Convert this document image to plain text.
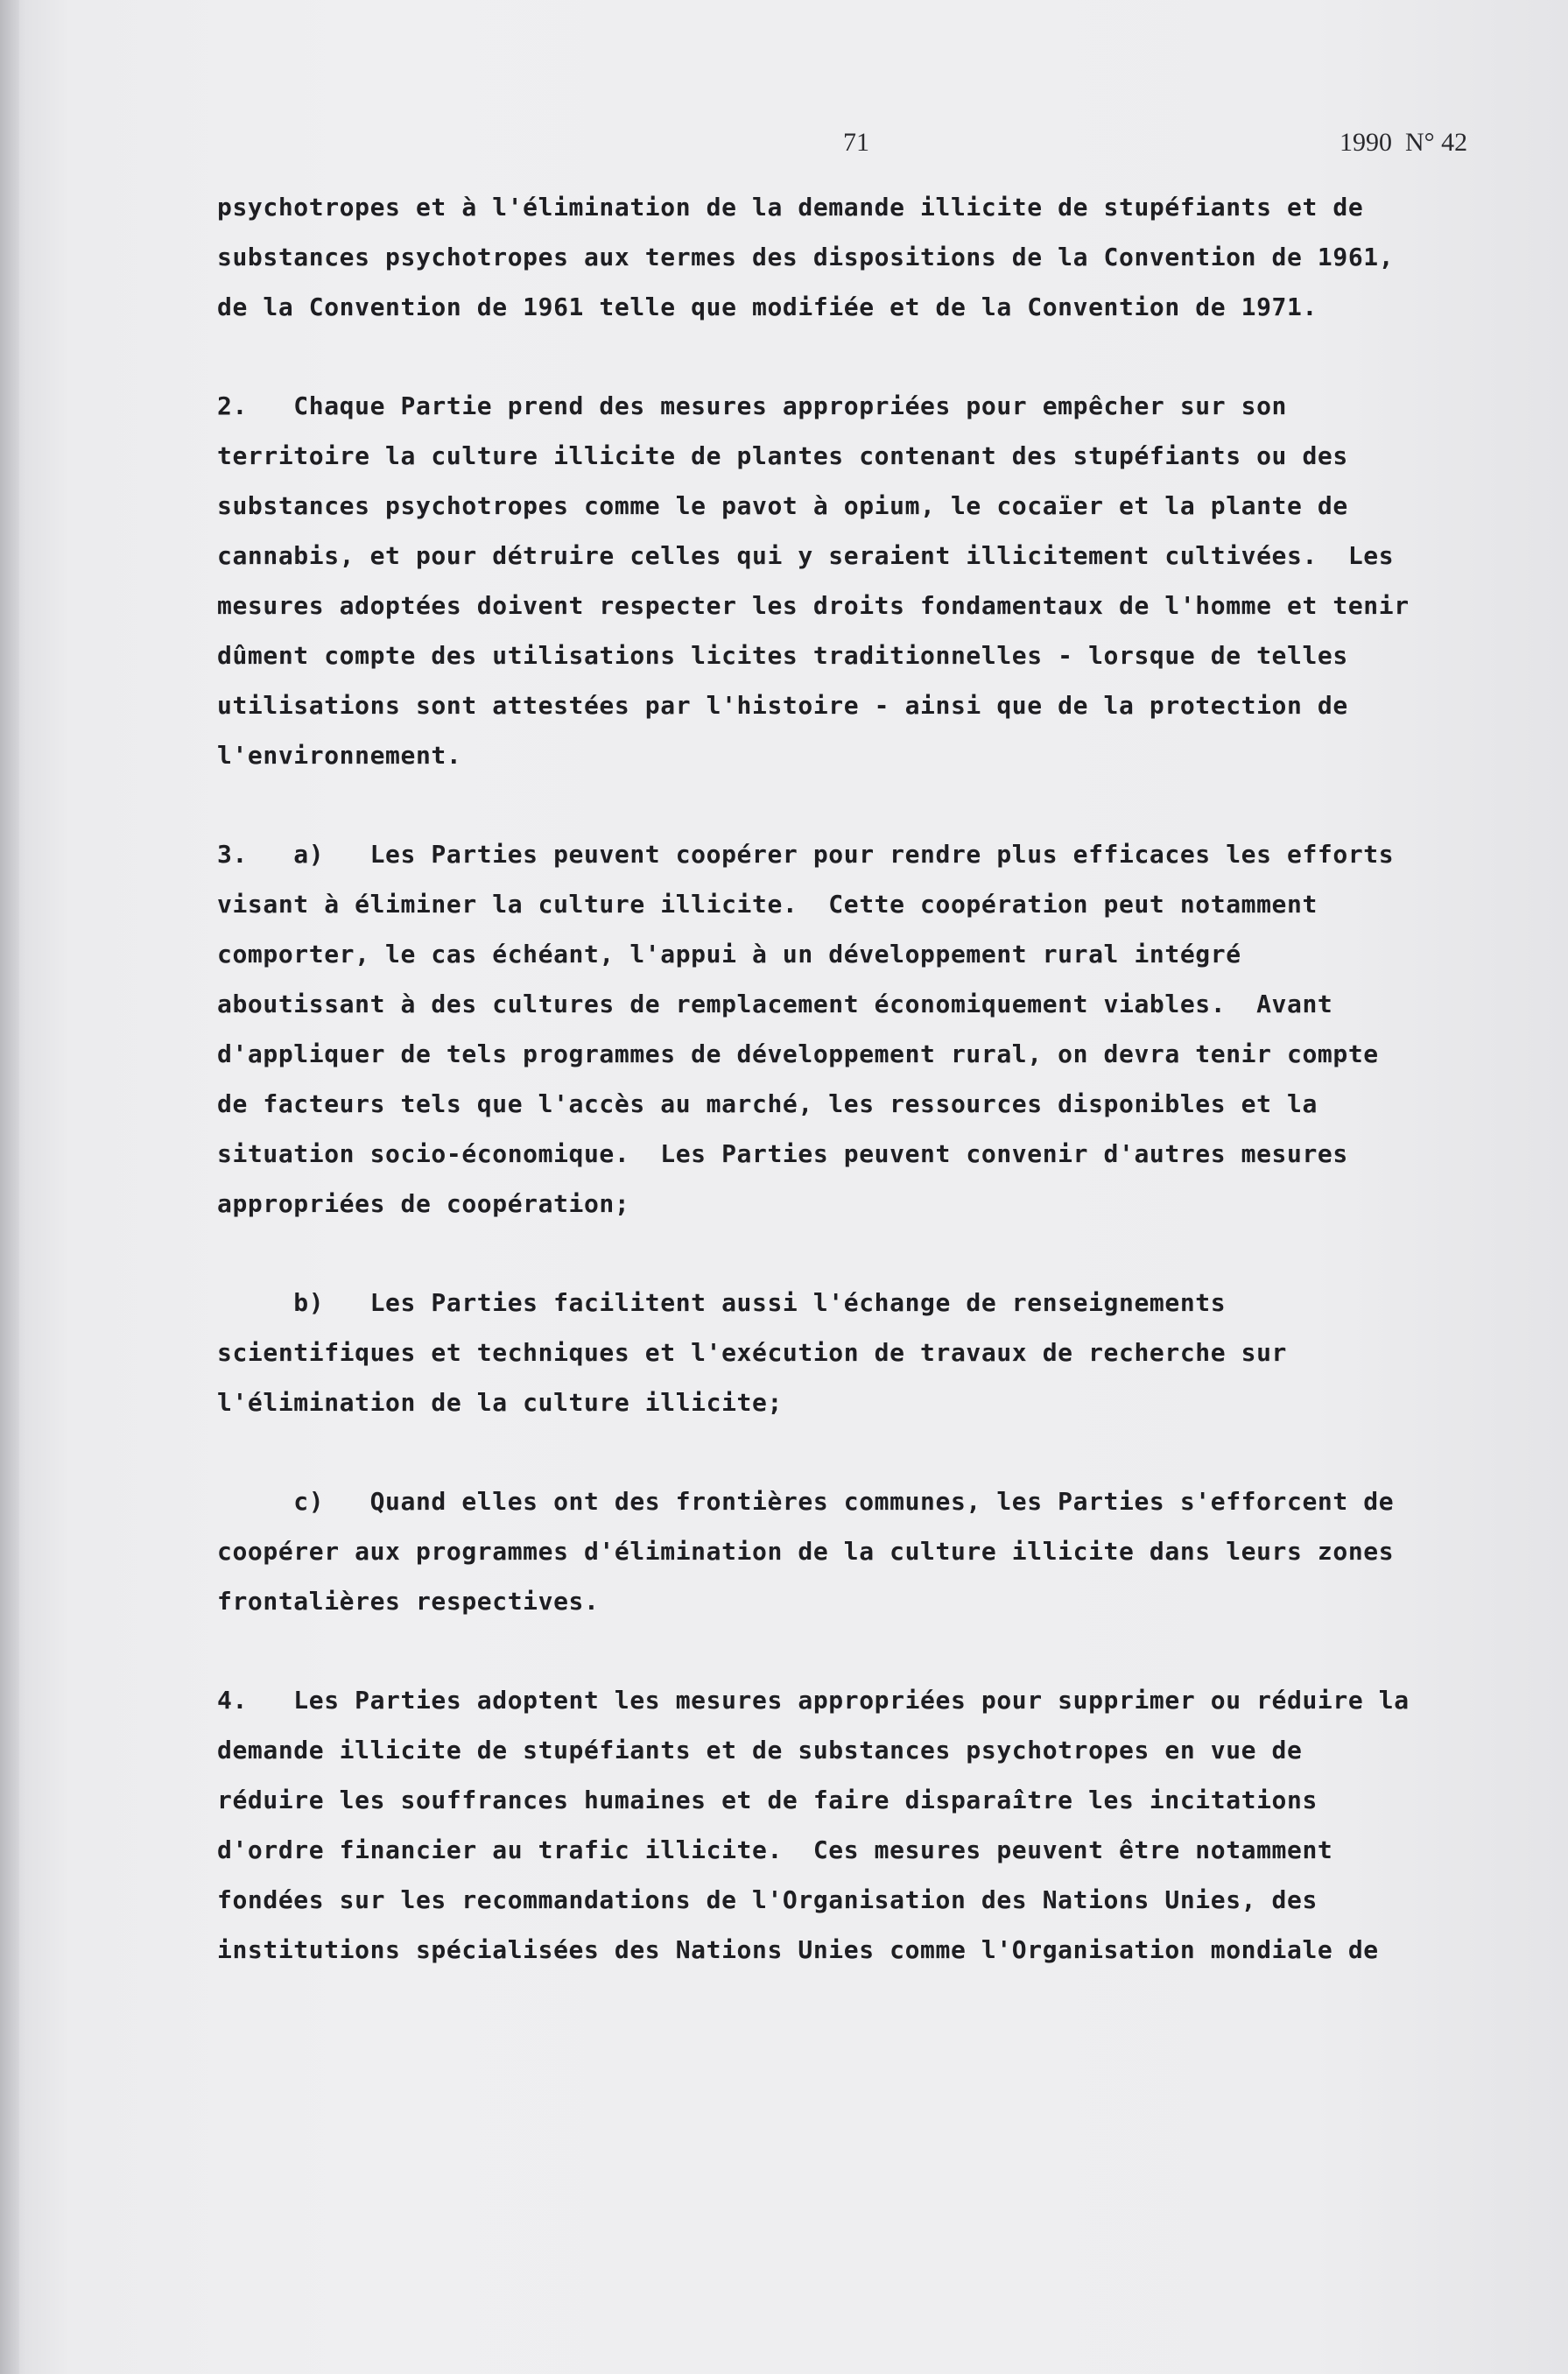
71	1990  N° 42
psychotropes et à l'élimination de la demande illicite de stupéfiants et de
substances psychotropes aux termes des dispositions de la Convention de 1961,
de la Convention de 1961 telle que modifiée et de la Convention de 1971.
2.   Chaque Partie prend des mesures appropriées pour empêcher sur son
territoire la culture illicite de plantes contenant des stupéfiants ou des
substances psychotropes comme le pavot à opium, le cocaïer et la plante de
cannabis, et pour détruire celles qui y seraient illicitement cultivées.  Les
mesures adoptées doivent respecter les droits fondamentaux de l'homme et tenir
dûment compte des utilisations licites traditionnelles - lorsque de telles
utilisations sont attestées par l'histoire - ainsi que de la protection de
l'environnement.
3.   a)   Les Parties peuvent coopérer pour rendre plus efficaces les efforts
visant à éliminer la culture illicite.  Cette coopération peut notamment
comporter, le cas échéant, l'appui à un développement rural intégré
aboutissant à des cultures de remplacement économiquement viables.  Avant
d'appliquer de tels programmes de développement rural, on devra tenir compte
de facteurs tels que l'accès au marché, les ressources disponibles et la
situation socio-économique.  Les Parties peuvent convenir d'autres mesures
appropriées de coopération;
b)   Les Parties facilitent aussi l'échange de renseignements
scientifiques et techniques et l'exécution de travaux de recherche sur
l'élimination de la culture illicite;
c)   Quand elles ont des frontières communes, les Parties s'efforcent de
coopérer aux programmes d'élimination de la culture illicite dans leurs zones
frontalières respectives.
4.   Les Parties adoptent les mesures appropriées pour supprimer ou réduire la
demande illicite de stupéfiants et de substances psychotropes en vue de
réduire les souffrances humaines et de faire disparaître les incitations
d'ordre financier au trafic illicite.  Ces mesures peuvent être notamment
fondées sur les recommandations de l'Organisation des Nations Unies, des
institutions spécialisées des Nations Unies comme l'Organisation mondiale de
